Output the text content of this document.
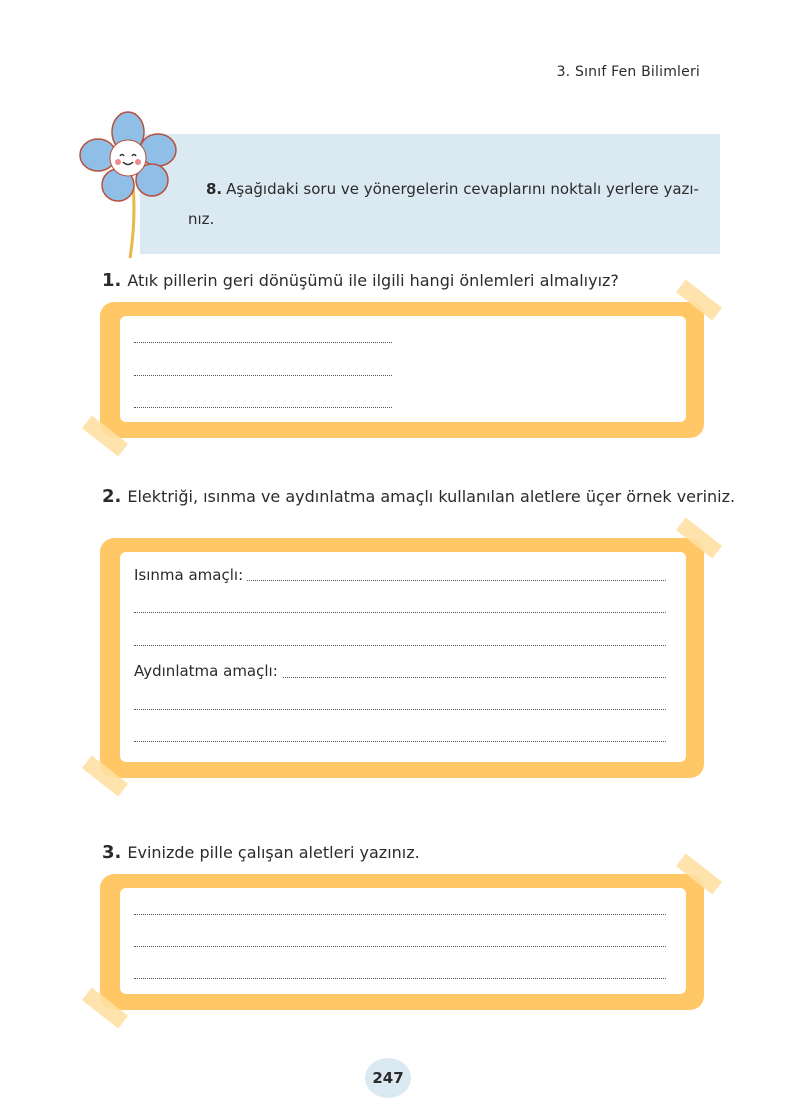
3. Sınıf Fen Bilimleri
8. Aşağıdaki soru ve yönergelerin cevaplarını noktalı yerlere yazı-
nız.
1. Atık pillerin geri dönüşümü ile ilgili hangi önlemleri almalıyız?
2. Elektriği, ısınma ve aydınlatma amaçlı kullanılan aletlere üçer örnek veriniz.
Isınma amaçlı:
Aydınlatma amaçlı:
3. Evinizde pille çalışan aletleri yazınız.
247
